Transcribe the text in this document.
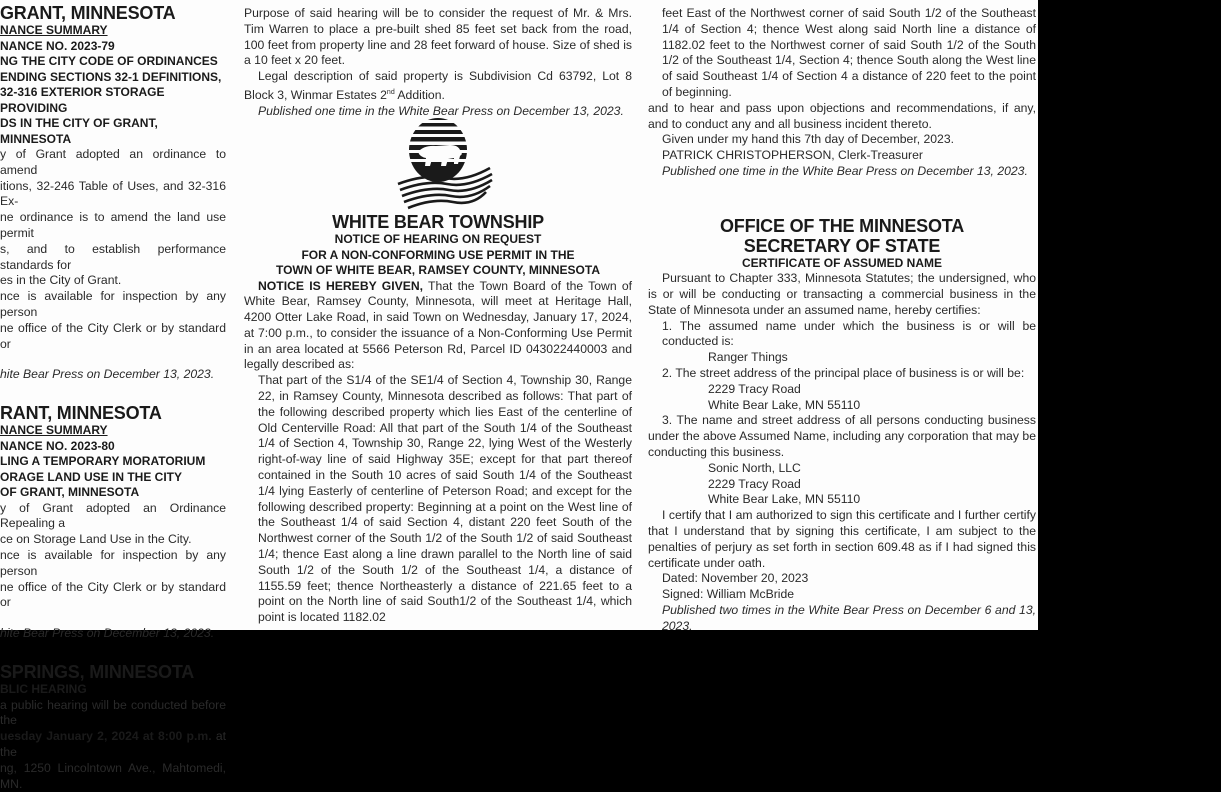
GRANT, MINNESOTA
NANCE SUMMARY
NANCE NO. 2023-79
NG THE CITY CODE OF ORDINANCES
ENDING SECTIONS 32-1 DEFINITIONS,
32-316 EXTERIOR STORAGE PROVIDING
DS IN THE CITY OF GRANT, MINNESOTA

y of Grant adopted an ordinance to amend

itions, 32-246 Table of Uses, and 32-316 Ex-

ne ordinance is to amend the land use permit

s, and to establish performance standards for

es in the City of Grant.

nce is available for inspection by any person

ne office of the City Clerk or by standard or

hite Bear Press on December 13, 2023.

RANT, MINNESOTA
NANCE SUMMARY
NANCE NO. 2023-80
LING A TEMPORARY MORATORIUM
ORAGE LAND USE IN THE CITY
OF GRANT, MINNESOTA

y of Grant adopted an Ordinance Repealing a

ce on Storage Land Use in the City.

nce is available for inspection by any person

ne office of the City Clerk or by standard or

hite Bear Press on December 13, 2023.

SPRINGS, MINNESOTA
BLIC HEARING

a public hearing will be conducted before the

uesday January 2, 2024 at 8:00 p.m. at the

ng, 1250 Lincolntown Ave., Mahtomedi, MN.

Purpose of said hearing will be to consider the request of Mr. & Mrs. Tim Warren to place a pre-built shed 85 feet set back from the road, 100 feet from property line and 28 feet forward of house. Size of shed is a 10 feet x 20 feet.

Legal description of said property is Subdivision Cd 63792, Lot 8 Block 3, Winmar Estates 2nd Addition.

Published one time in the White Bear Press on December 13, 2023.

WHITE BEAR TOWNSHIP
NOTICE OF HEARING ON REQUEST
FOR A NON-CONFORMING USE PERMIT IN THE
TOWN OF WHITE BEAR, RAMSEY COUNTY, MINNESOTA

NOTICE IS HEREBY GIVEN, That the Town Board of the Town of White Bear, Ramsey County, Minnesota, will meet at Heritage Hall, 4200 Otter Lake Road, in said Town on Wednesday, January 17, 2024, at 7:00 p.m., to consider the issuance of a Non-Conforming Use Permit in an area located at 5566 Peterson Rd, Parcel ID 043022440003 and legally described as:

That part of the S1/4 of the SE1/4 of Section 4, Township 30, Range 22, in Ramsey County, Minnesota described as follows: That part of the following described property which lies East of the centerline of Old Centerville Road: All that part of the South 1/4 of the Southeast 1/4 of Section 4, Township 30, Range 22, lying West of the Westerly right-of-way line of said Highway 35E; except for that part thereof contained in the South 10 acres of said South 1/4 of the Southeast 1/4 lying Easterly of centerline of Peterson Road; and except for the following described property: Beginning at a point on the West line of the Southeast 1/4 of said Section 4, distant 220 feet South of the Northwest corner of the South 1/2 of the South 1/2 of said Southeast 1/4; thence East along a line drawn parallel to the North line of said South 1/2 of the South 1/2 of the Southeast 1/4, a distance of 1155.59 feet; thence Northeasterly a distance of 221.65 feet to a point on the North line of said South1/2 of the Southeast 1/4, which point is located 1182.02

feet East of the Northwest corner of said South 1/2 of the Southeast 1/4 of Section 4; thence West along said North line a distance of 1182.02 feet to the Northwest corner of said South 1/2 of the South 1/2 of the Southeast 1/4, Section 4; thence South along the West line of said Southeast 1/4 of Section 4 a distance of 220 feet to the point of beginning.

and to hear and pass upon objections and recommendations, if any, and to conduct any and all business incident thereto.

Given under my hand this 7th day of December, 2023.

PATRICK CHRISTOPHERSON, Clerk-Treasurer

Published one time in the White Bear Press on December 13, 2023.

OFFICE OF THE MINNESOTA
SECRETARY OF STATE
CERTIFICATE OF ASSUMED NAME

Pursuant to Chapter 333, Minnesota Statutes; the undersigned, who is or will be conducting or transacting a commercial business in the State of Minnesota under an assumed name, hereby certifies:

1. The assumed name under which the business is or will be conducted is:

Ranger Things

2. The street address of the principal place of business is or will be:

2229 Tracy Road

White Bear Lake, MN 55110

3. The name and street address of all persons conducting business under the above Assumed Name, including any corporation that may be conducting this business.

Sonic North, LLC

2229 Tracy Road

White Bear Lake, MN 55110

I certify that I am authorized to sign this certificate and I further certify that I understand that by signing this certificate, I am subject to the penalties of perjury as set forth in section 609.48 as if I had signed this certificate under oath.

Dated: November 20, 2023

Signed: William McBride

Published two times in the White Bear Press on December 6 and 13, 2023.
